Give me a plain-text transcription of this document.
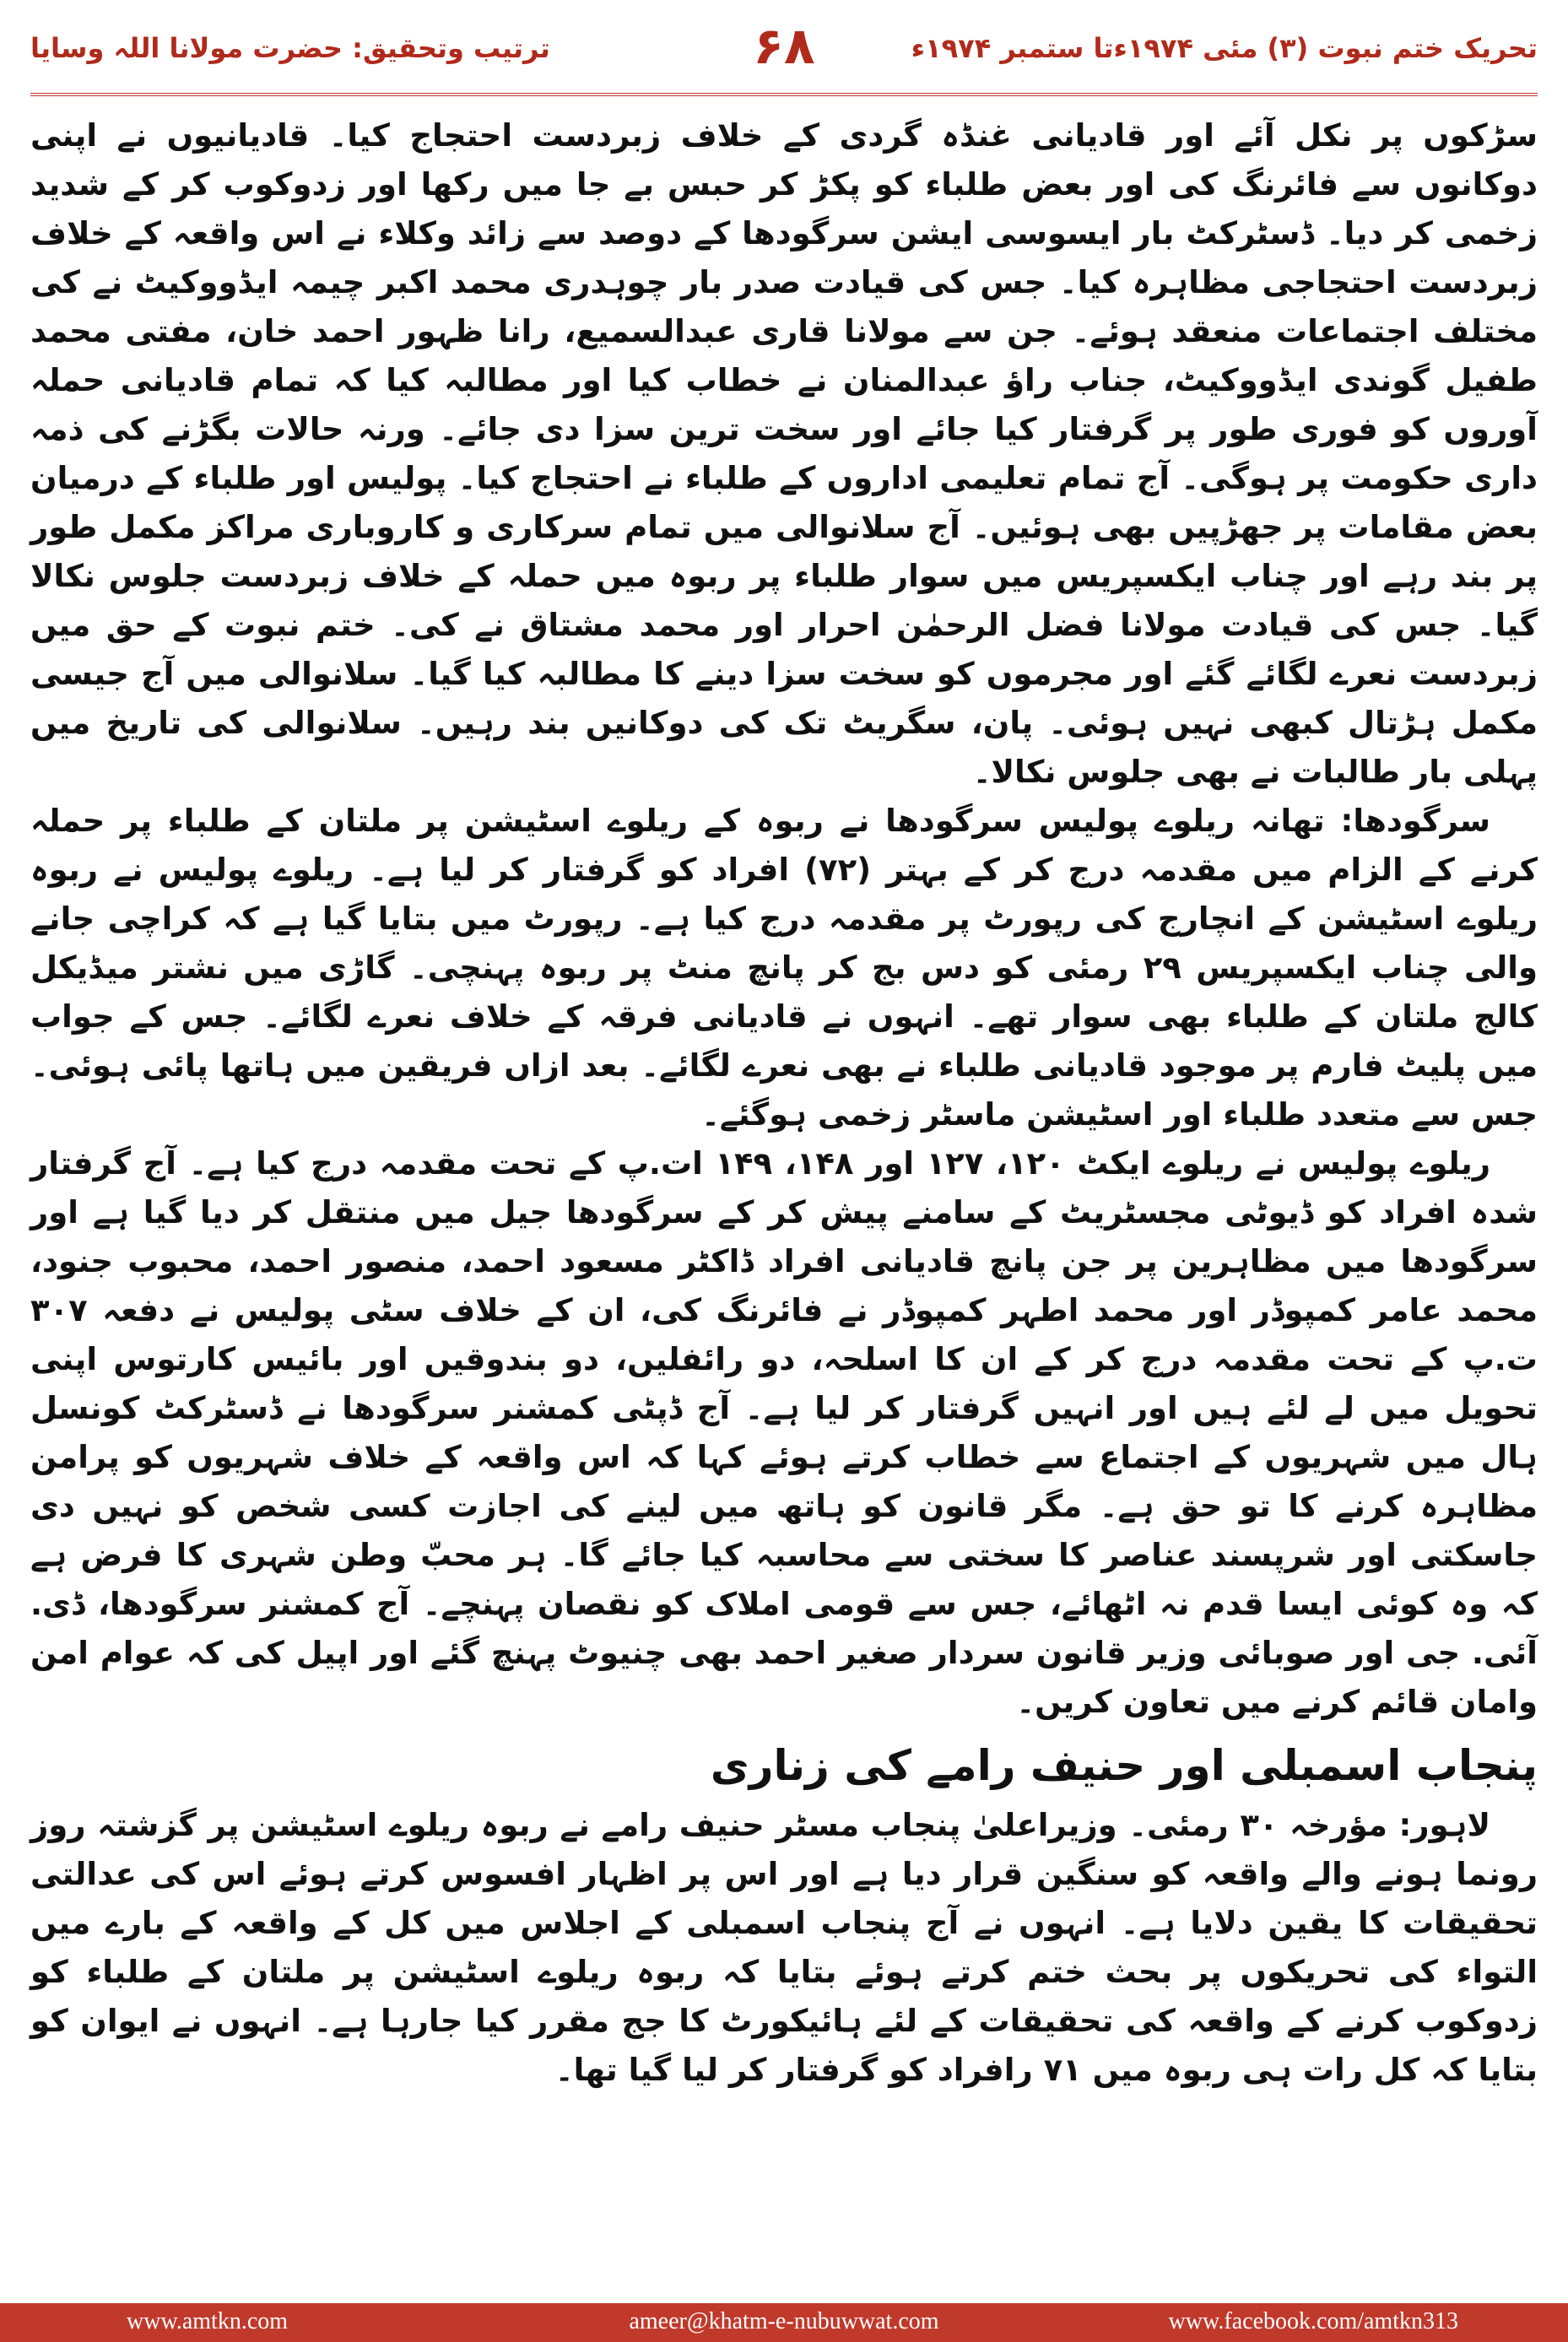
تحریک ختم نبوت (۳) مئی ۱۹۷۴ءتا ستمبر ۱۹۷۴ء
۶۸
ترتیب وتحقیق: حضرت مولانا اللہ وسایا

سڑکوں پر نکل آئے اور قادیانی غنڈہ گردی کے خلاف زبردست احتجاج کیا۔ قادیانیوں نے اپنی دوکانوں سے فائرنگ کی اور بعض طلباء کو پکڑ کر حبس بے جا میں رکھا اور زدوکوب کر کے شدید زخمی کر دیا۔ ڈسٹرکٹ بار ایسوسی ایشن سرگودھا کے دوصد سے زائد وکلاء نے اس واقعہ کے خلاف زبردست احتجاجی مظاہرہ کیا۔ جس کی قیادت صدر بار چوہدری محمد اکبر چیمہ ایڈووکیٹ نے کی مختلف اجتماعات منعقد ہوئے۔ جن سے مولانا قاری عبدالسمیع، رانا ظہور احمد خان، مفتی محمد طفیل گوندی ایڈووکیٹ، جناب راؤ عبدالمنان نے خطاب کیا اور مطالبہ کیا کہ تمام قادیانی حملہ آوروں کو فوری طور پر گرفتار کیا جائے اور سخت ترین سزا دی جائے۔ ورنہ حالات بگڑنے کی ذمہ داری حکومت پر ہوگی۔ آج تمام تعلیمی اداروں کے طلباء نے احتجاج کیا۔ پولیس اور طلباء کے درمیان بعض مقامات پر جھڑپیں بھی ہوئیں۔ آج سلانوالی میں تمام سرکاری و کاروباری مراکز مکمل طور پر بند رہے اور چناب ایکسپریس میں سوار طلباء پر ربوہ میں حملہ کے خلاف زبردست جلوس نکالا گیا۔ جس کی قیادت مولانا فضل الرحمٰن احرار اور محمد مشتاق نے کی۔ ختم نبوت کے حق میں زبردست نعرے لگائے گئے اور مجرموں کو سخت سزا دینے کا مطالبہ کیا گیا۔ سلانوالی میں آج جیسی مکمل ہڑتال کبھی نہیں ہوئی۔ پان، سگریٹ تک کی دوکانیں بند رہیں۔ سلانوالی کی تاریخ میں پہلی بار طالبات نے بھی جلوس نکالا۔

سرگودھا: تھانہ ریلوے پولیس سرگودھا نے ربوہ کے ریلوے اسٹیشن پر ملتان کے طلباء پر حملہ کرنے کے الزام میں مقدمہ درج کر کے بہتر (۷۲) افراد کو گرفتار کر لیا ہے۔ ریلوے پولیس نے ربوہ ریلوے اسٹیشن کے انچارج کی رپورٹ پر مقدمہ درج کیا ہے۔ رپورٹ میں بتایا گیا ہے کہ کراچی جانے والی چناب ایکسپریس ۲۹ رمئی کو دس بج کر پانچ منٹ پر ربوہ پہنچی۔ گاڑی میں نشتر میڈیکل کالج ملتان کے طلباء بھی سوار تھے۔ انہوں نے قادیانی فرقہ کے خلاف نعرے لگائے۔ جس کے جواب میں پلیٹ فارم پر موجود قادیانی طلباء نے بھی نعرے لگائے۔ بعد ازاں فریقین میں ہاتھا پائی ہوئی۔ جس سے متعدد طلباء اور اسٹیشن ماسٹر زخمی ہوگئے۔

ریلوے پولیس نے ریلوے ایکٹ ۱۲۰، ۱۲۷ اور ۱۴۸، ۱۴۹ ات.پ کے تحت مقدمہ درج کیا ہے۔ آج گرفتار شدہ افراد کو ڈیوٹی مجسٹریٹ کے سامنے پیش کر کے سرگودھا جیل میں منتقل کر دیا گیا ہے اور سرگودھا میں مظاہرین پر جن پانچ قادیانی افراد ڈاکٹر مسعود احمد، منصور احمد، محبوب جنود، محمد عامر کمپوڈر اور محمد اطہر کمپوڈر نے فائرنگ کی، ان کے خلاف سٹی پولیس نے دفعہ ۳۰۷ ت.پ کے تحت مقدمہ درج کر کے ان کا اسلحہ، دو رائفلیں، دو بندوقیں اور بائیس کارتوس اپنی تحویل میں لے لئے ہیں اور انہیں گرفتار کر لیا ہے۔ آج ڈپٹی کمشنر سرگودھا نے ڈسٹرکٹ کونسل ہال میں شہریوں کے اجتماع سے خطاب کرتے ہوئے کہا کہ اس واقعہ کے خلاف شہریوں کو پرامن مظاہرہ کرنے کا تو حق ہے۔ مگر قانون کو ہاتھ میں لینے کی اجازت کسی شخص کو نہیں دی جاسکتی اور شرپسند عناصر کا سختی سے محاسبہ کیا جائے گا۔ ہر محبّ وطن شہری کا فرض ہے کہ وہ کوئی ایسا قدم نہ اٹھائے، جس سے قومی املاک کو نقصان پہنچے۔ آج کمشنر سرگودھا، ڈی. آئی. جی اور صوبائی وزیر قانون سردار صغیر احمد بھی چنیوٹ پہنچ گئے اور اپیل کی کہ عوام امن وامان قائم کرنے میں تعاون کریں۔

پنجاب اسمبلی اور حنیف رامے کی زناری

لاہور: مؤرخہ ۳۰ رمئی۔ وزیراعلیٰ پنجاب مسٹر حنیف رامے نے ربوہ ریلوے اسٹیشن پر گزشتہ روز رونما ہونے والے واقعہ کو سنگین قرار دیا ہے اور اس پر اظہار افسوس کرتے ہوئے اس کی عدالتی تحقیقات کا یقین دلایا ہے۔ انہوں نے آج پنجاب اسمبلی کے اجلاس میں کل کے واقعہ کے بارے میں التواء کی تحریکوں پر بحث ختم کرتے ہوئے بتایا کہ ربوہ ریلوے اسٹیشن پر ملتان کے طلباء کو زدوکوب کرنے کے واقعہ کی تحقیقات کے لئے ہائیکورٹ کا جج مقرر کیا جارہا ہے۔ انہوں نے ایوان کو بتایا کہ کل رات ہی ربوہ میں ۷۱ رافراد کو گرفتار کر لیا گیا تھا۔

www.amtkn.com	ameer@khatm-e-nubuwwat.com	www.facebook.com/amtkn313
